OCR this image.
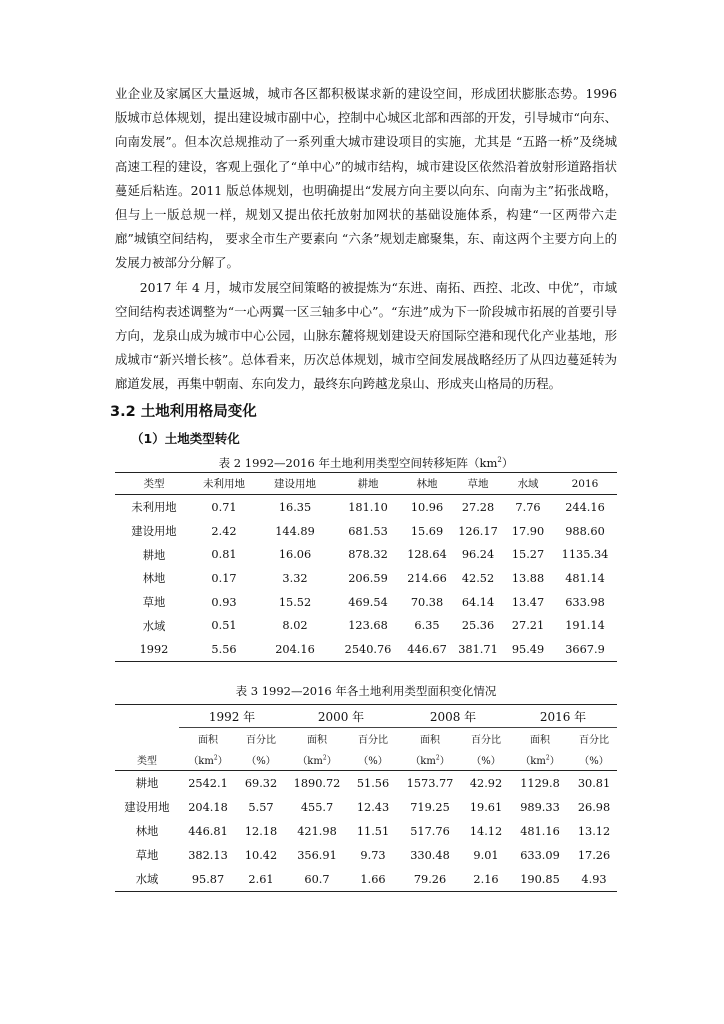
业企业及家属区大量返城，城市各区都积极谋求新的建设空间，形成团状膨胀态势。1996版城市总体规划，提出建设城市副中心，控制中心城区北部和西部的开发，引导城市“向东、向南发展”。但本次总规推动了一系列重大城市建设项目的实施，尤其是 “五路一桥”及绕城高速工程的建设，客观上强化了“单中心”的城市结构，城市建设区依然沿着放射形道路指状蔓延后粘连。2011 版总体规划，也明确提出“发展方向主要以向东、向南为主”拓张战略，但与上一版总规一样，规划又提出依托放射加网状的基础设施体系，构建“一区两带六走廊”城镇空间结构， 要求全市生产要素向 “六条”规划走廊聚集，东、南这两个主要方向上的发展力被部分分解了。

2017 年 4 月，城市发展空间策略的被提炼为“东进、南拓、西控、北改、中优”，市域空间结构表述调整为“一心两翼一区三轴多中心”。“东进”成为下一阶段城市拓展的首要引导方向，龙泉山成为城市中心公园，山脉东麓将规划建设天府国际空港和现代化产业基地，形成城市“新兴增长核”。总体看来，历次总体规划，城市空间发展战略经历了从四边蔓延转为廊道发展，再集中朝南、东向发力，最终东向跨越龙泉山、形成夹山格局的历程。

3.2 土地利用格局变化
（1）土地类型转化
表 2 1992—2016 年土地利用类型空间转移矩阵$(km^2)$
类型	未利用地	建设用地	耕地	林地	草地	水域	2016
未利用地	0.71	16.35	181.10	10.96	27.28	7.76	244.16
建设用地	2.42	144.89	681.53	15.69	126.17	17.90	988.60
耕地	0.81	16.06	878.32	128.64	96.24	15.27	1135.34
林地	0.17	3.32	206.59	214.66	42.52	13.88	481.14
草地	0.93	15.52	469.54	70.38	64.14	13.47	633.98
水域	0.51	8.02	123.68	6.35	25.36	27.21	191.14
1992	5.56	204.16	2540.76	446.67	381.71	95.49	3667.9
表 3 1992—2016 年各土地利用类型面积变化情况
	1992 年		2000 年		2008 年		2016 年	
	面积	百分比	面积	百分比	面积	百分比	面积	百分比
类型	$(km^2)$	（%）	$(km^2)$	（%）	$(km^2)$	（%）	$(km^2)$	（%）
耕地	2542.1	69.32	1890.72	51.56	1573.77	42.92	1129.8	30.81
建设用地	204.18	5.57	455.7	12.43	719.25	19.61	989.33	26.98
林地	446.81	12.18	421.98	11.51	517.76	14.12	481.16	13.12
草地	382.13	10.42	356.91	9.73	330.48	9.01	633.09	17.26
水域	95.87	2.61	60.7	1.66	79.26	2.16	190.85	4.93
